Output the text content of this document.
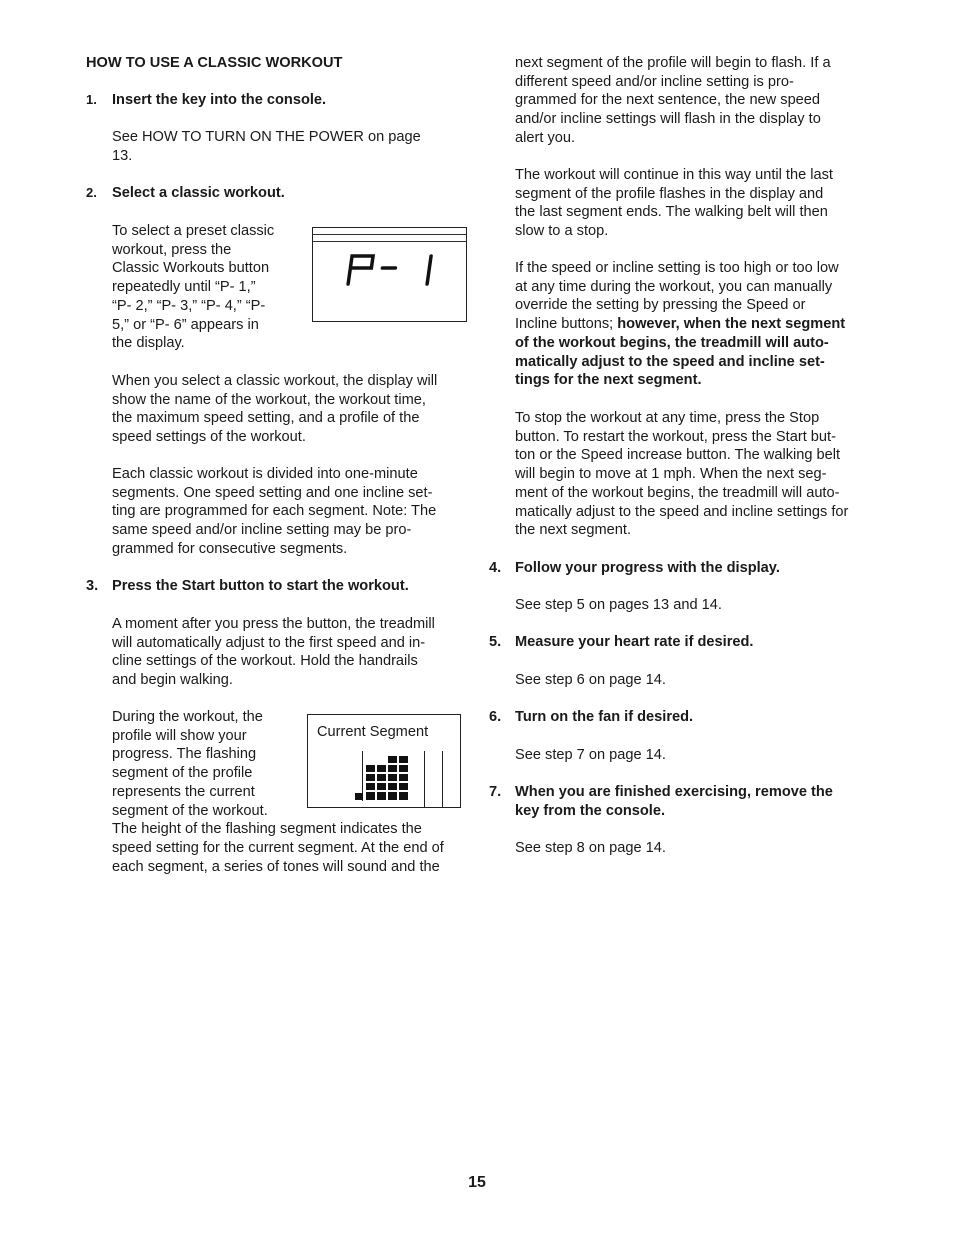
HOW TO USE A CLASSIC WORKOUT
1. Insert the key into the console.
See HOW TO TURN ON THE POWER on page
13.
2. Select a classic workout.
To select a preset classic
workout, press the
Classic Workouts button
repeatedly until “P- 1,”
“P- 2,” “P- 3,” “P- 4,” “P-
5,” or “P- 6” appears in
the display.
When you select a classic workout, the display will
show the name of the workout, the workout time,
the maximum speed setting, and a profile of the
speed settings of the workout.
Each classic workout is divided into one-minute
segments. One speed setting and one incline set-
ting are programmed for each segment. Note: The
same speed and/or incline setting may be pro-
grammed for consecutive segments.
3. Press the Start button to start the workout.
A moment after you press the button, the treadmill
will automatically adjust to the first speed and in-
cline settings of the workout. Hold the handrails
and begin walking.
During the workout, the
profile will show your
progress. The flashing
segment of the profile
represents the current
segment of the workout.
The height of the flashing segment indicates the
speed setting for the current segment. At the end of
each segment, a series of tones will sound and the
P- 1
Current Segment
next segment of the profile will begin to flash. If a
different speed and/or incline setting is pro-
grammed for the next sentence, the new speed
and/or incline settings will flash in the display to
alert you.
The workout will continue in this way until the last
segment of the profile flashes in the display and
the last segment ends. The walking belt will then
slow to a stop.
If the speed or incline setting is too high or too low
at any time during the workout, you can manually
override the setting by pressing the Speed or
Incline buttons; however, when the next segment
of the workout begins, the treadmill will auto-
matically adjust to the speed and incline set-
tings for the next segment.
To stop the workout at any time, press the Stop
button. To restart the workout, press the Start but-
ton or the Speed increase button. The walking belt
will begin to move at 1 mph. When the next seg-
ment of the workout begins, the treadmill will auto-
matically adjust to the speed and incline settings for
the next segment.
4. Follow your progress with the display.
See step 5 on pages 13 and 14.
5. Measure your heart rate if desired.
See step 6 on page 14.
6. Turn on the fan if desired.
See step 7 on page 14.
7. When you are finished exercising, remove the
key from the console.
See step 8 on page 14.
15
